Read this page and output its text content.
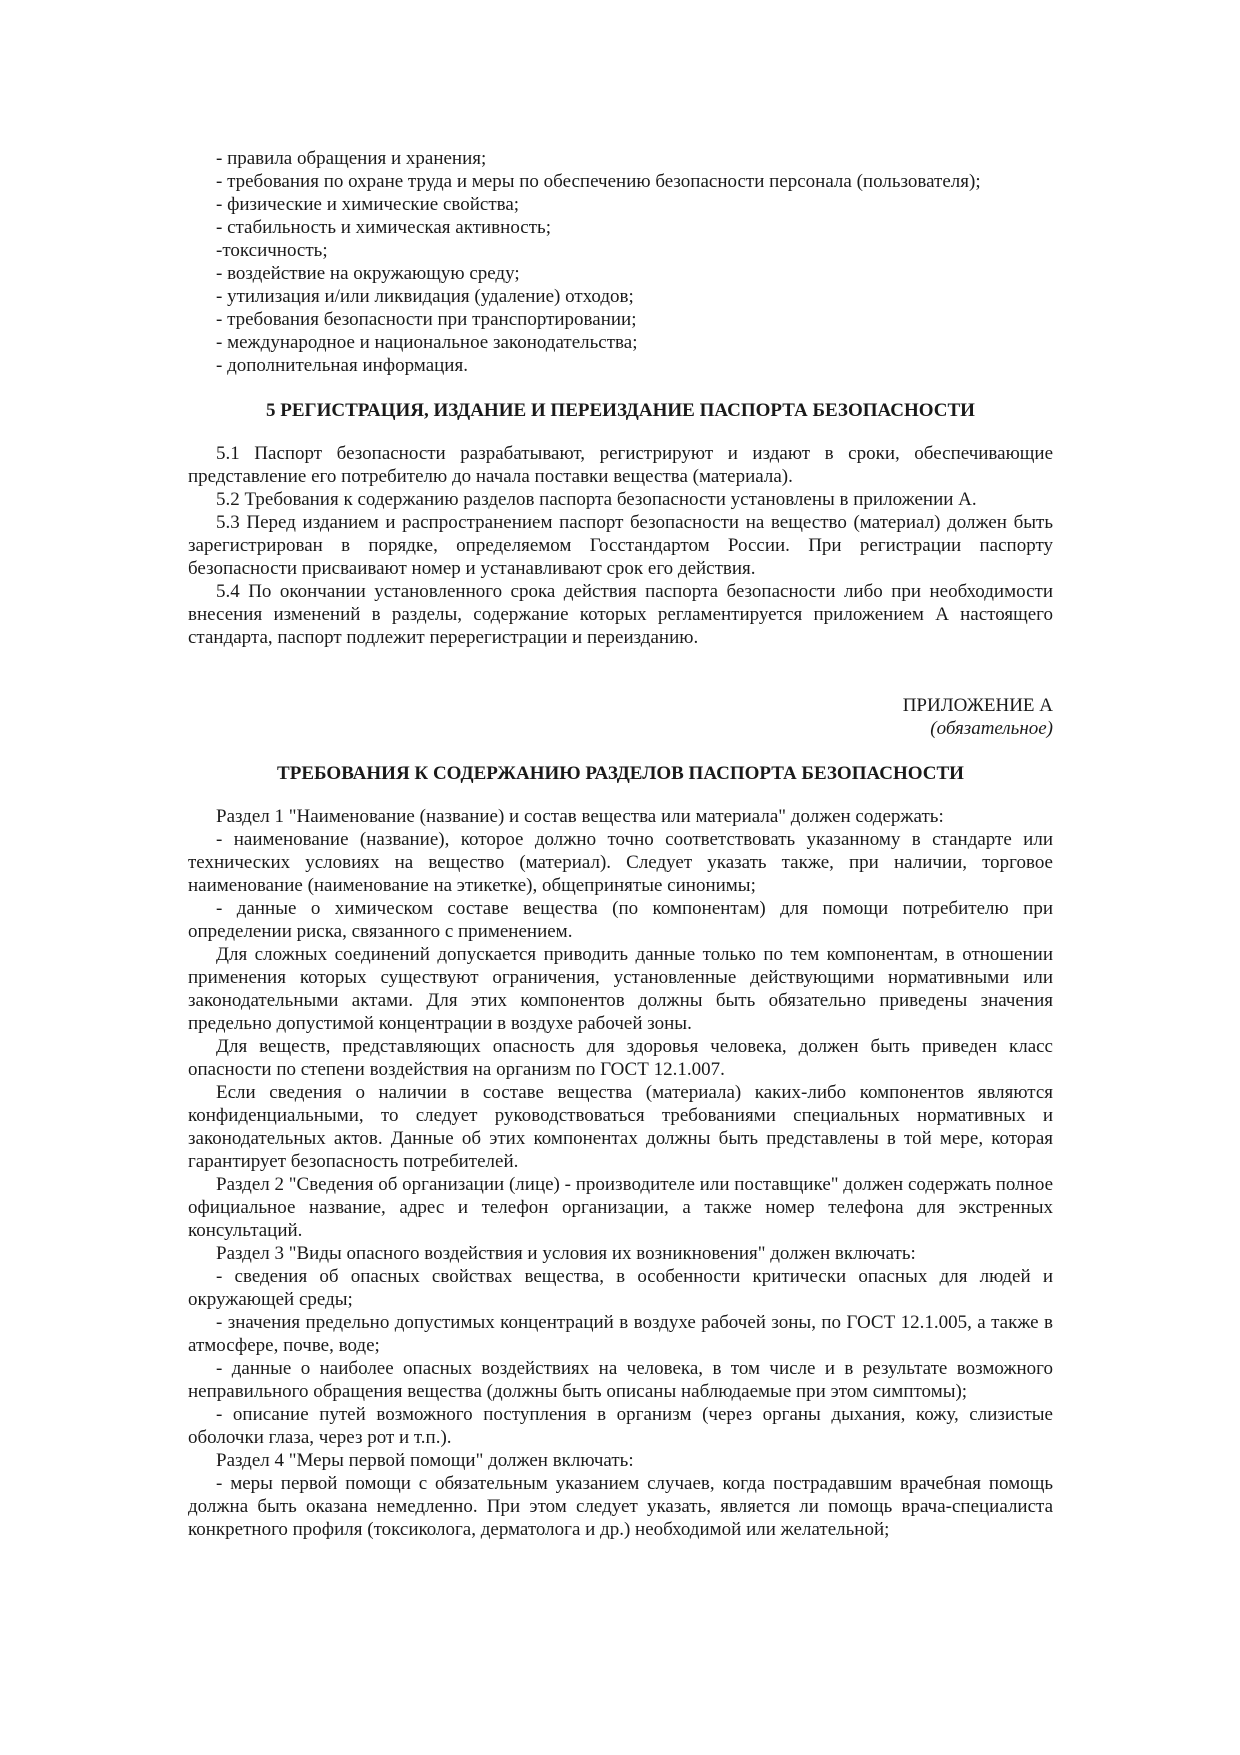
- правила обращения и хранения;

- требования по охране труда и меры по обеспечению безопасности персонала (пользователя);

- физические и химические свойства;

- стабильность и химическая активность;

-токсичность;

- воздействие на окружающую среду;

- утилизация и/или ликвидация (удаление) отходов;

- требования безопасности при транспортировании;

- международное и национальное законодательства;

- дополнительная информация.

5 РЕГИСТРАЦИЯ, ИЗДАНИЕ И ПЕРЕИЗДАНИЕ ПАСПОРТА БЕЗОПАСНОСТИ

5.1 Паспорт безопасности разрабатывают, регистрируют и издают в сроки, обеспечивающие представление его потребителю до начала поставки вещества (материала).

5.2 Требования к содержанию разделов паспорта безопасности установлены в приложении А.

5.3 Перед изданием и распространением паспорт безопасности на вещество (материал) должен быть зарегистрирован в порядке, определяемом Госстандартом России. При регистрации паспорту безопасности присваивают номер и устанавливают срок его действия.

5.4 По окончании установленного срока действия паспорта безопасности либо при необходимости внесения изменений в разделы, содержание которых регламентируется приложением А настоящего стандарта, паспорт подлежит перерегистрации и переизданию.

ПРИЛОЖЕНИЕ А

(обязательное)

ТРЕБОВАНИЯ К СОДЕРЖАНИЮ РАЗДЕЛОВ ПАСПОРТА БЕЗОПАСНОСТИ

Раздел 1 "Наименование (название) и состав вещества или материала" должен содержать:

- наименование (название), которое должно точно соответствовать указанному в стандарте или технических условиях на вещество (материал). Следует указать также, при наличии, торговое наименование (наименование на этикетке), общепринятые синонимы;

- данные о химическом составе вещества (по компонентам) для помощи потребителю при определении риска, связанного с применением.

Для сложных соединений допускается приводить данные только по тем компонентам, в отношении применения которых существуют ограничения, установленные действующими нормативными или законодательными актами. Для этих компонентов должны быть обязательно приведены значения предельно допустимой концентрации в воздухе рабочей зоны.

Для веществ, представляющих опасность для здоровья человека, должен быть приведен класс опасности по степени воздействия на организм по ГОСТ 12.1.007.

Если сведения о наличии в составе вещества (материала) каких-либо компонентов являются конфиденциальными, то следует руководствоваться требованиями специальных нормативных и законодательных актов. Данные об этих компонентах должны быть представлены в той мере, которая гарантирует безопасность потребителей.

Раздел 2 "Сведения об организации (лице) - производителе или поставщике" должен содержать полное официальное название, адрес и телефон организации, а также номер телефона для экстренных консультаций.

Раздел 3 "Виды опасного воздействия и условия их возникновения" должен включать:

- сведения об опасных свойствах вещества, в особенности критически опасных для людей и окружающей среды;

- значения предельно допустимых концентраций в воздухе рабочей зоны, по ГОСТ 12.1.005, а также в атмосфере, почве, воде;

- данные о наиболее опасных воздействиях на человека, в том числе и в результате возможного неправильного обращения вещества (должны быть описаны наблюдаемые при этом симптомы);

- описание путей возможного поступления в организм (через органы дыхания, кожу, слизистые оболочки глаза, через рот и т.п.).

Раздел 4 "Меры первой помощи" должен включать:

- меры первой помощи с обязательным указанием случаев, когда пострадавшим врачебная помощь должна быть оказана немедленно. При этом следует указать, является ли помощь врача-специалиста конкретного профиля (токсиколога, дерматолога и др.) необходимой или желательной;
